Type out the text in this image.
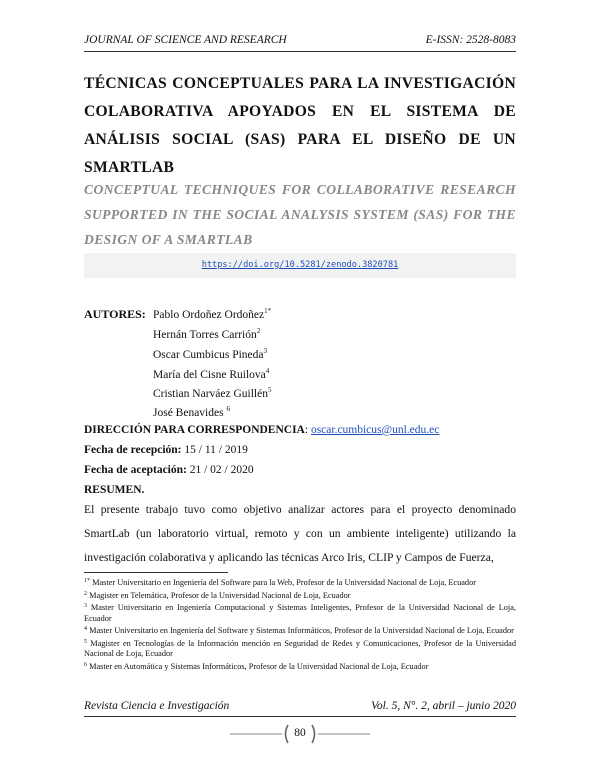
JOURNAL OF SCIENCE AND RESEARCH	E-ISSN: 2528-8083
TÉCNICAS CONCEPTUALES PARA LA INVESTIGACIÓN COLABORATIVA APOYADOS EN EL SISTEMA DE ANÁLISIS SOCIAL (SAS) PARA EL DISEÑO DE UN SMARTLAB
CONCEPTUAL TECHNIQUES FOR COLLABORATIVE RESEARCH SUPPORTED IN THE SOCIAL ANALYSIS SYSTEM (SAS) FOR THE DESIGN OF A SMARTLAB
https://doi.org/10.5281/zenodo.3820781
AUTORES: Pablo Ordoñez Ordoñez$^{1*}$
Hernán Torres Carrión$^2$
Oscar Cumbicus Pineda$^3$
María del Cisne Ruilova$^4$
Cristian Narváez Guillén$^5$
José Benavides $^6$
DIRECCIÓN PARA CORRESPONDENCIA: oscar.cumbicus@unl.edu.ec
Fecha de recepción: 15 / 11 / 2019
Fecha de aceptación: 21 / 02 / 2020
RESUMEN.
El presente trabajo tuvo como objetivo analizar actores para el proyecto denominado SmartLab (un laboratorio virtual, remoto y con un ambiente inteligente) utilizando la investigación colaborativa y aplicando las técnicas Arco Iris, CLIP y Campos de Fuerza,

$^{1*}$ Master Universitario en Ingeniería del Software para la Web, Profesor de la Universidad Nacional de Loja, Ecuador

$^2$ Magister en Telemática, Profesor de la Universidad Nacional de Loja, Ecuador

$^3$ Master Universitario en Ingeniería Computacional y Sistemas Inteligentes, Profesor de la Universidad Nacional de Loja, Ecuador

$^4$ Master Universitario en Ingeniería del Software y Sistemas Informáticos, Profesor de la Universidad Nacional de Loja, Ecuador

$^5$ Magister en Tecnologías de la Información mención en Seguridad de Redes y Comunicaciones, Profesor de la Universidad Nacional de Loja, Ecuador

$^6$ Master en Automática y Sistemas Informáticos, Profesor de la Universidad Nacional de Loja, Ecuador

Revista Ciencia e Investigación	Vol. 5, N°. 2, abril – junio 2020
80
